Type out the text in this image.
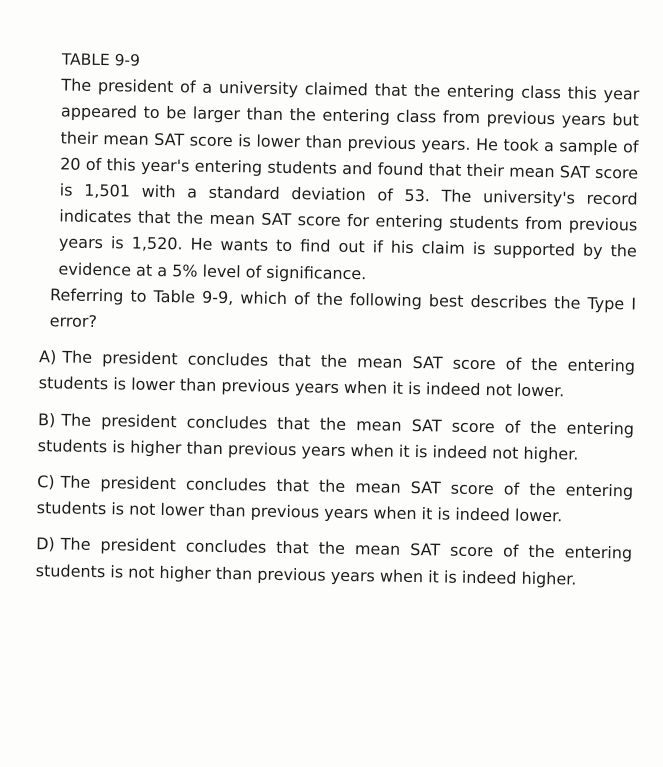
TABLE 9-9

The president of a university claimed that the entering class this year appeared to be larger than the entering class from previous years but their mean SAT score is lower than previous years. He took a sample of 20 of this year's entering students and found that their mean SAT score is 1,501 with a standard deviation of 53. The university's record indicates that the mean SAT score for entering students from previous years is 1,520. He wants to find out if his claim is supported by the evidence at a 5% level of significance.

Referring to Table 9-9, which of the following best describes the Type I error?

A) The president concludes that the mean SAT score of the entering students is lower than previous years when it is indeed not lower.

B) The president concludes that the mean SAT score of the entering students is higher than previous years when it is indeed not higher.

C) The president concludes that the mean SAT score of the entering students is not lower than previous years when it is indeed lower.

D) The president concludes that the mean SAT score of the entering students is not higher than previous years when it is indeed higher.
